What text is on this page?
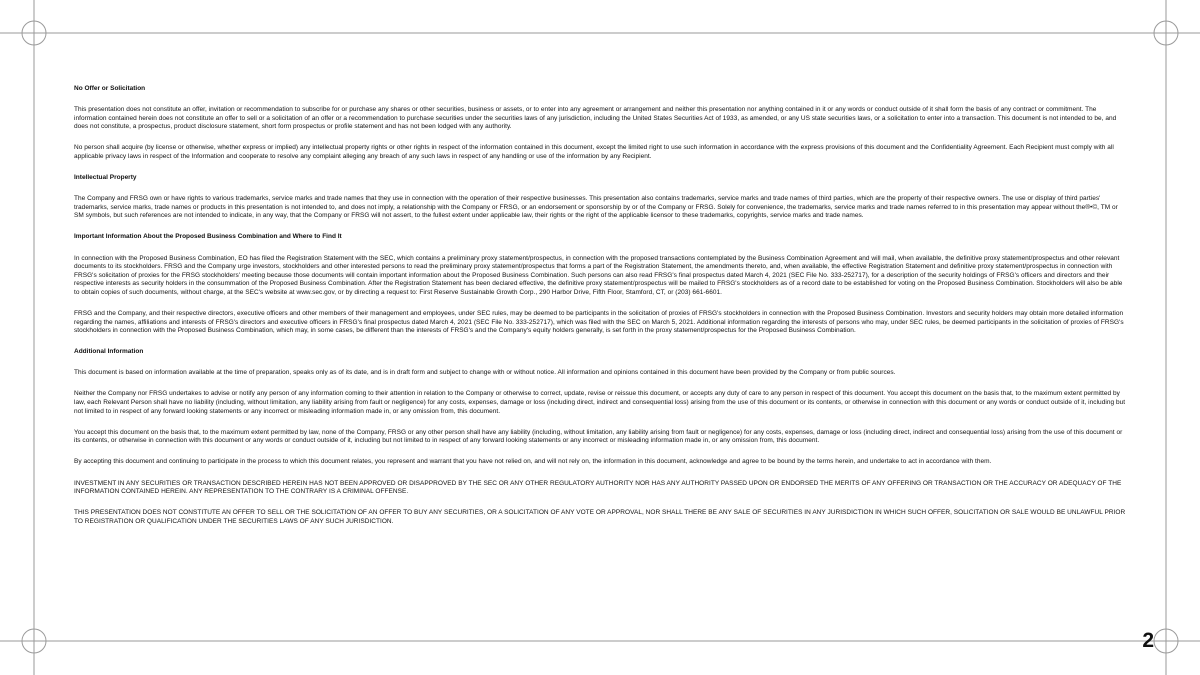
No Offer or Solicitation

This presentation does not constitute an offer, invitation or recommendation to subscribe for or purchase any shares or other securities, business or assets, or to enter into any agreement or arrangement and neither this presentation nor anything contained in it or any words or conduct outside of it shall form the basis of any contract or commitment. The information contained herein does not constitute an offer to sell or a solicitation of an offer or a recommendation to purchase securities under the securities laws of any jurisdiction, including the United States Securities Act of 1933, as amended, or any US state securities laws, or a solicitation to enter into a transaction. This document is not intended to be, and does not constitute, a prospectus, product disclosure statement, short form prospectus or profile statement and has not been lodged with any authority.

No person shall acquire (by license or otherwise, whether express or implied) any intellectual property rights or other rights in respect of the information contained in this document, except the limited right to use such information in accordance with the express provisions of this document and the Confidentiality Agreement. Each Recipient must comply with all applicable privacy laws in respect of the Information and cooperate to resolve any complaint alleging any breach of any such laws in respect of any handling or use of the information by any Recipient.

Intellectual Property

The Company and FRSG own or have rights to various trademarks, service marks and trade names that they use in connection with the operation of their respective businesses. This presentation also contains trademarks, service marks and trade names of third parties, which are the property of their respective owners. The use or display of third parties' trademarks, service marks, trade names or products in this presentation is not intended to, and does not imply, a relationship with the Company or FRSG, or an endorsement or sponsorship by or of the Company or FRSG. Solely for convenience, the trademarks, service marks and trade names referred to in this presentation may appear without the®•©, TM or SM symbols, but such references are not intended to indicate, in any way, that the Company or FRSG will not assert, to the fullest extent under applicable law, their rights or the right of the applicable licensor to these trademarks, copyrights, service marks and trade names.

Important Information About the Proposed Business Combination and Where to Find It

In connection with the Proposed Business Combination, EO has filed the Registration Statement with the SEC, which contains a preliminary proxy statement/prospectus, in connection with the proposed transactions contemplated by the Business Combination Agreement and will mail, when available, the definitive proxy statement/prospectus and other relevant documents to its stockholders. FRSG and the Company urge investors, stockholders and other interested persons to read the preliminary proxy statement/prospectus that forms a part of the Registration Statement, the amendments thereto, and, when available, the effective Registration Statement and definitive proxy statement/prospectus in connection with FRSG's solicitation of proxies for the FRSG stockholders' meeting because those documents will contain important information about the Proposed Business Combination. Such persons can also read FRSG's final prospectus dated March 4, 2021 (SEC File No. 333-252717), for a description of the security holdings of FRSG's officers and directors and their respective interests as security holders in the consummation of the Proposed Business Combination. After the Registration Statement has been declared effective, the definitive proxy statement/prospectus will be mailed to FRSG's stockholders as of a record date to be established for voting on the Proposed Business Combination. Stockholders will also be able to obtain copies of such documents, without charge, at the SEC's website at www.sec.gov, or by directing a request to: First Reserve Sustainable Growth Corp., 290 Harbor Drive, Fifth Floor, Stamford, CT, or (203) 661-6601.

FRSG and the Company, and their respective directors, executive officers and other members of their management and employees, under SEC rules, may be deemed to be participants in the solicitation of proxies of FRSG's stockholders in connection with the Proposed Business Combination. Investors and security holders may obtain more detailed information regarding the names, affiliations and interests of FRSG's directors and executive officers in FRSG's final prospectus dated March 4, 2021 (SEC File No. 333-252717), which was filed with the SEC on March 5, 2021. Additional information regarding the interests of persons who may, under SEC rules, be deemed participants in the solicitation of proxies of FRSG's stockholders in connection with the Proposed Business Combination, which may, in some cases, be different than the interests of FRSG's and the Company's equity holders generally, is set forth in the proxy statement/prospectus for the Proposed Business Combination.

Additional Information

This document is based on information available at the time of preparation, speaks only as of its date, and is in draft form and subject to change with or without notice. All information and opinions contained in this document have been provided by the Company or from public sources.

Neither the Company nor FRSG undertakes to advise or notify any person of any information coming to their attention in relation to the Company or otherwise to correct, update, revise or reissue this document, or accepts any duty of care to any person in respect of this document. You accept this document on the basis that, to the maximum extent permitted by law, each Relevant Person shall have no liability (including, without limitation, any liability arising from fault or negligence) for any costs, expenses, damage or loss (including direct, indirect and consequential loss) arising from the use of this document or its contents, or otherwise in connection with this document or any words or conduct outside of it, including but not limited to in respect of any forward looking statements or any incorrect or misleading information made in, or any omission from, this document.

You accept this document on the basis that, to the maximum extent permitted by law, none of the Company, FRSG or any other person shall have any liability (including, without limitation, any liability arising from fault or negligence) for any costs, expenses, damage or loss (including direct, indirect and consequential loss) arising from the use of this document or its contents, or otherwise in connection with this document or any words or conduct outside of it, including but not limited to in respect of any forward looking statements or any incorrect or misleading information made in, or any omission from, this document.

By accepting this document and continuing to participate in the process to which this document relates, you represent and warrant that you have not relied on, and will not rely on, the information in this document, acknowledge and agree to be bound by the terms herein, and undertake to act in accordance with them.

INVESTMENT IN ANY SECURITIES OR TRANSACTION DESCRIBED HEREIN HAS NOT BEEN APPROVED OR DISAPPROVED BY THE SEC OR ANY OTHER REGULATORY AUTHORITY NOR HAS ANY AUTHORITY PASSED UPON OR ENDORSED THE MERITS OF ANY OFFERING OR TRANSACTION OR THE ACCURACY OR ADEQUACY OF THE INFORMATION CONTAINED HEREIN. ANY REPRESENTATION TO THE CONTRARY IS A CRIMINAL OFFENSE.

THIS PRESENTATION DOES NOT CONSTITUTE AN OFFER TO SELL OR THE SOLICITATION OF AN OFFER TO BUY ANY SECURITIES, OR A SOLICITATION OF ANY VOTE OR APPROVAL, NOR SHALL THERE BE ANY SALE OF SECURITIES IN ANY JURISDICTION IN WHICH SUCH OFFER, SOLICITATION OR SALE WOULD BE UNLAWFUL PRIOR TO REGISTRATION OR QUALIFICATION UNDER THE SECURITIES LAWS OF ANY SUCH JURISDICTION.

2
